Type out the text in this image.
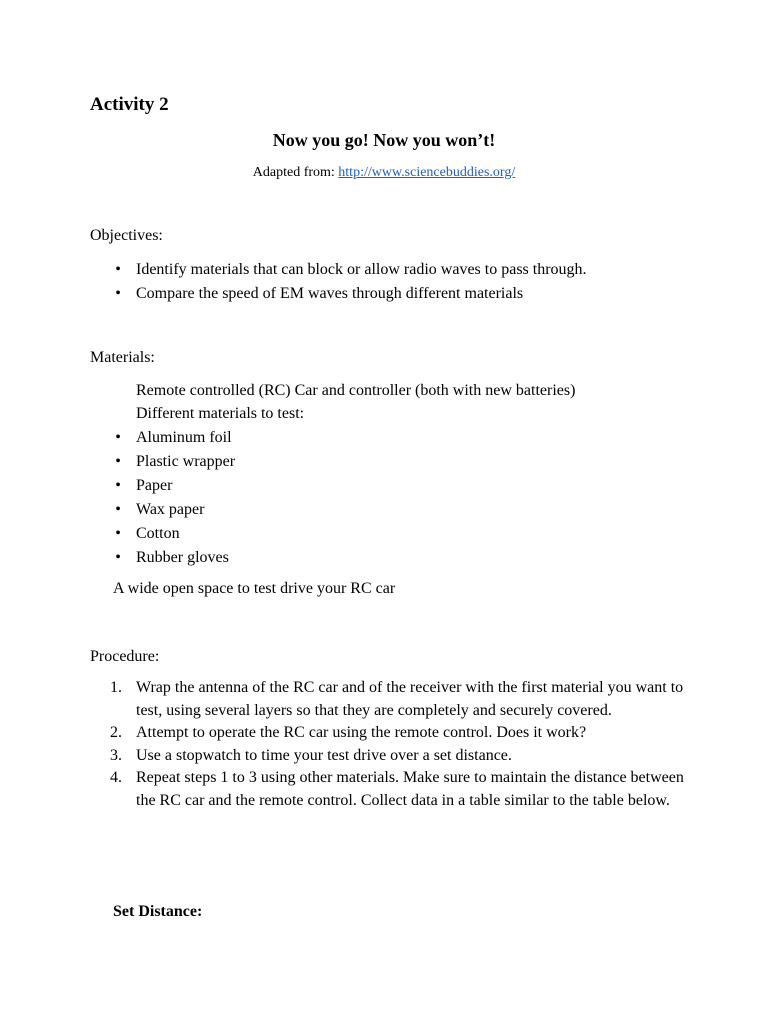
Activity 2
Now you go! Now you won’t!
Adapted from: http://www.sciencebuddies.org/
Objectives:
• Identify materials that can block or allow radio waves to pass through.
• Compare the speed of EM waves through different materials
Materials:
Remote controlled (RC) Car and controller (both with new batteries)
Different materials to test:
• Aluminum foil
• Plastic wrapper
• Paper
• Wax paper
• Cotton
• Rubber gloves
A wide open space to test drive your RC car
Procedure:
1. Wrap the antenna of the RC car and of the receiver with the first material you want to test, using several layers so that they are completely and securely covered.
2. Attempt to operate the RC car using the remote control. Does it work?
3. Use a stopwatch to time your test drive over a set distance.
4. Repeat steps 1 to 3 using other materials. Make sure to maintain the distance between the RC car and the remote control. Collect data in a table similar to the table below.
Set Distance:
